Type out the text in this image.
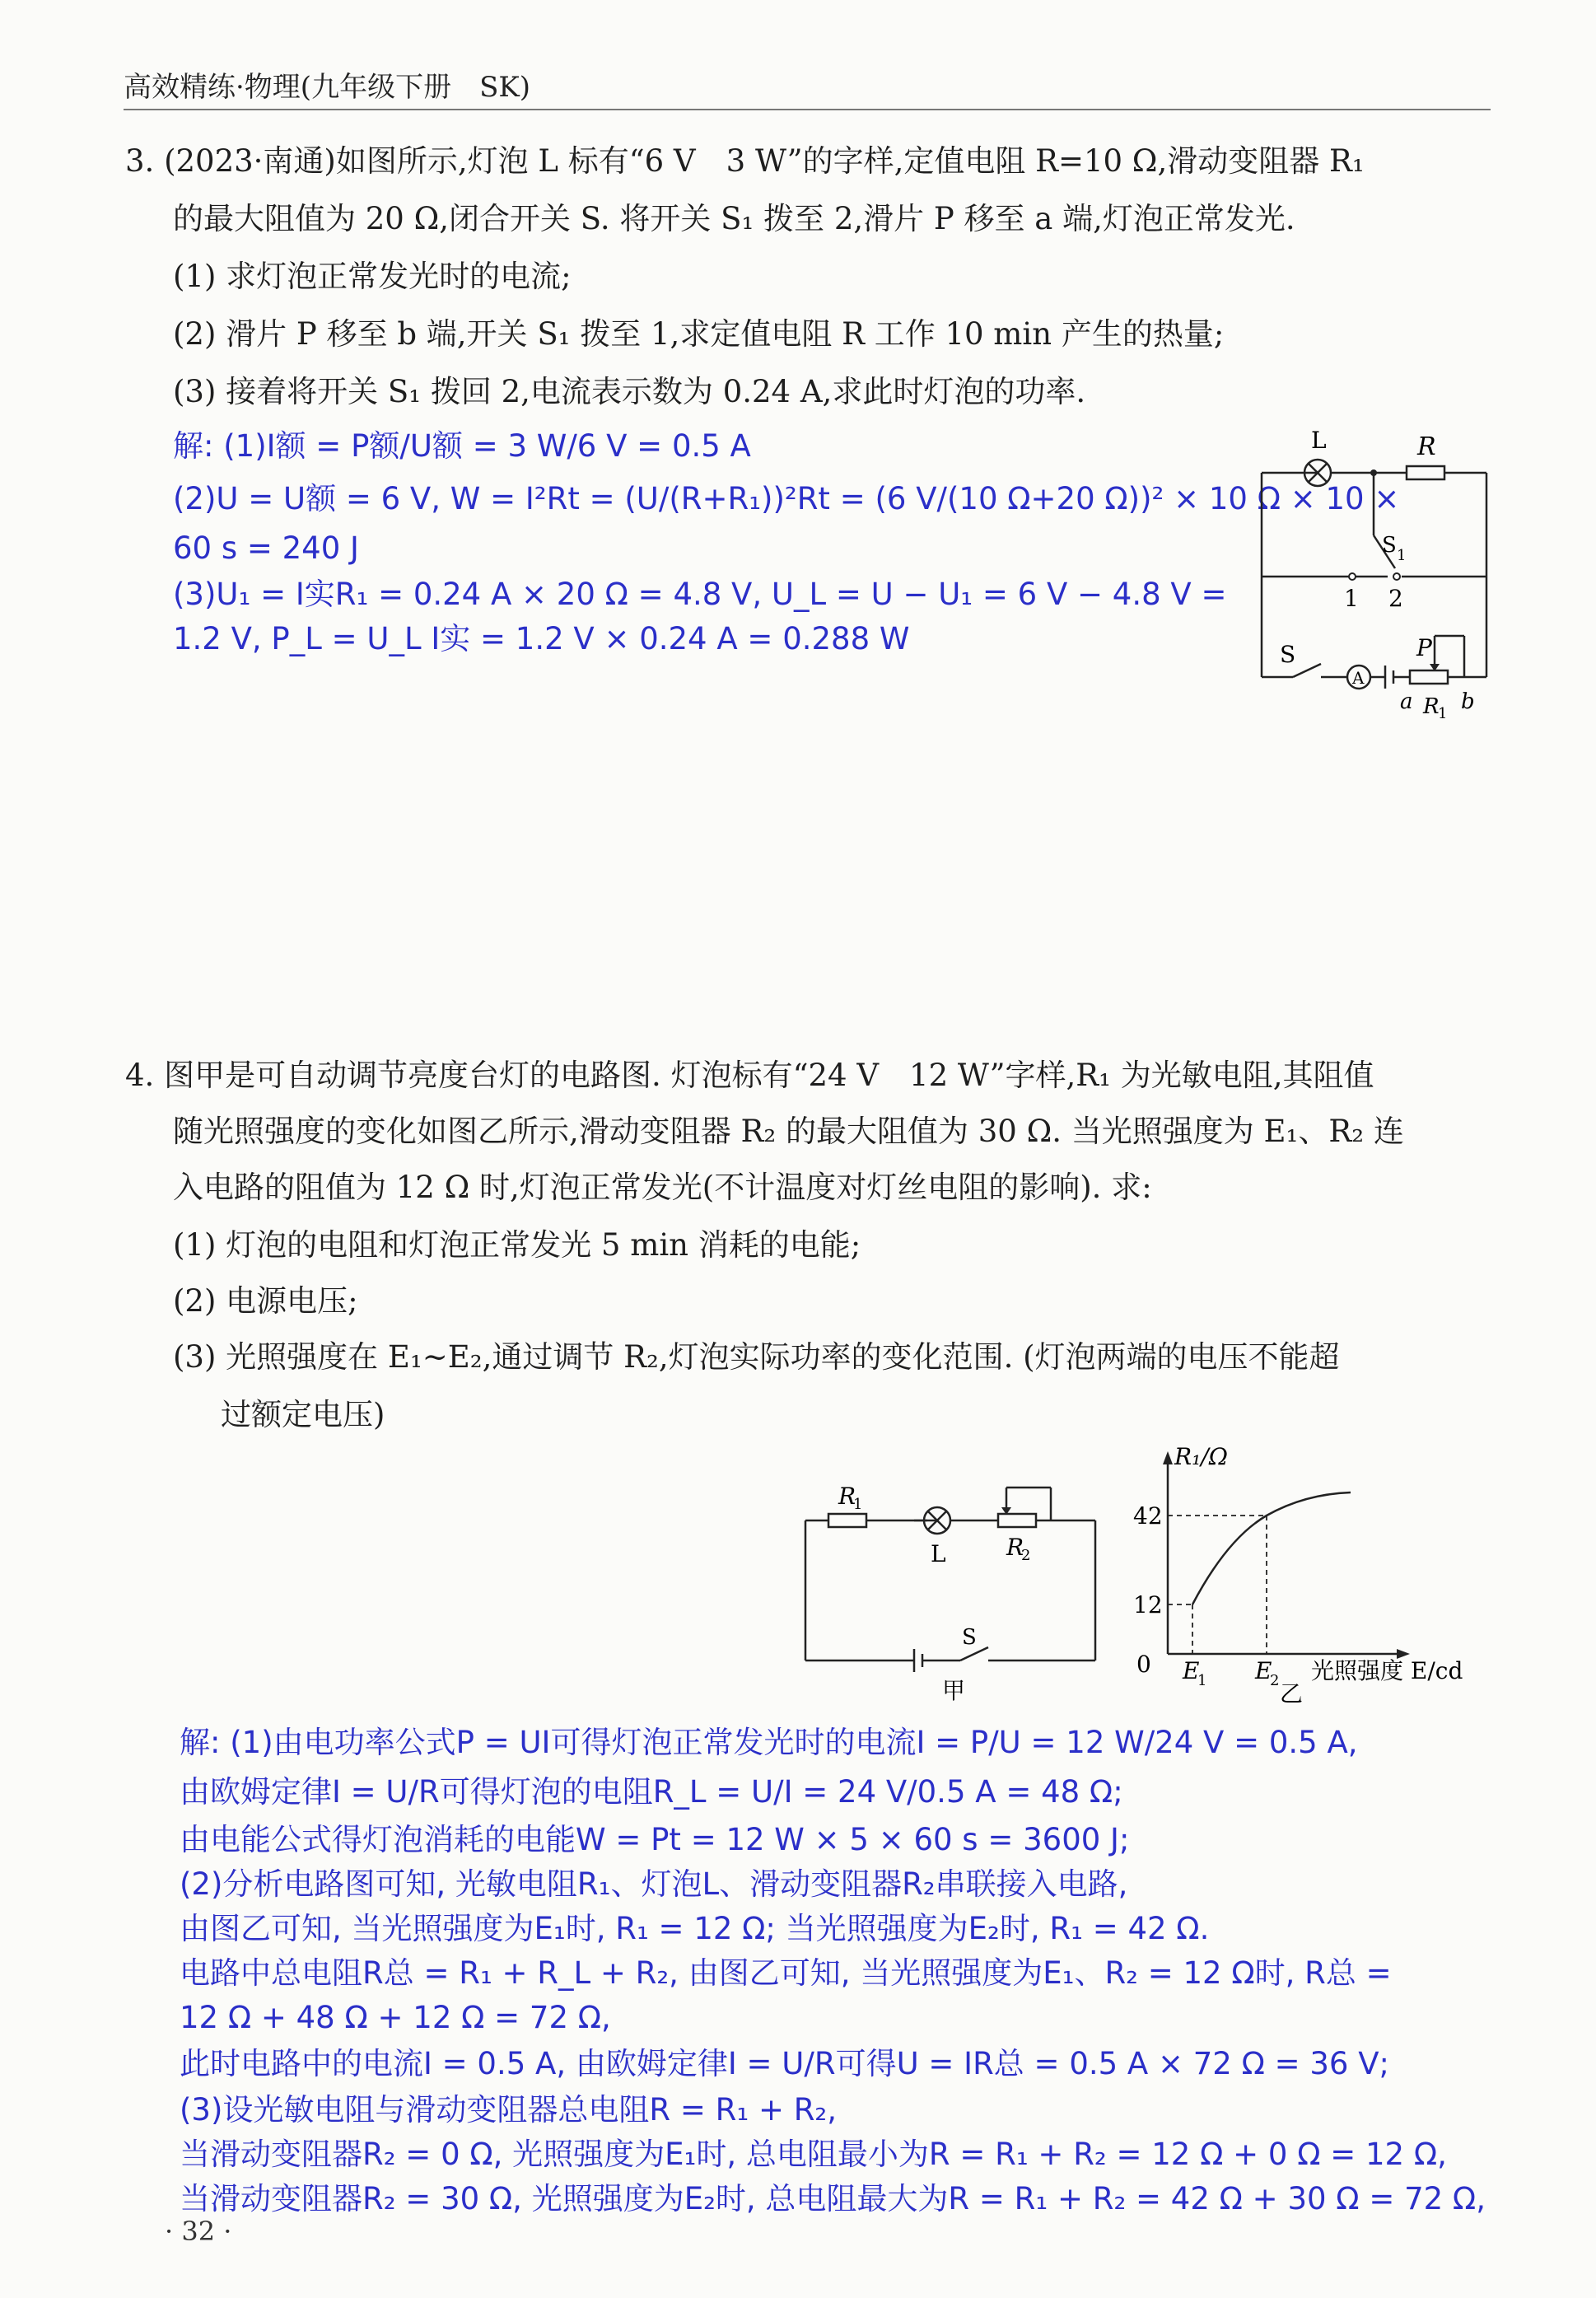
高效精练·物理(九年级下册　SK)
3. (2023·南通)如图所示,灯泡 L 标有“6 V　3 W”的字样,定值电阻 R=10 Ω,滑动变阻器 R₁
的最大阻值为 20 Ω,闭合开关 S. 将开关 S₁ 拨至 2,滑片 P 移至 a 端,灯泡正常发光.
(1) 求灯泡正常发光时的电流;
(2) 滑片 P 移至 b 端,开关 S₁ 拨至 1,求定值电阻 R 工作 10 min 产生的热量;
(3) 接着将开关 S₁ 拨回 2,电流表示数为 0.24 A,求此时灯泡的功率.
解: (1)I额 = P额/U额 = 3 W/6 V = 0.5 A
(2)U = U额 = 6 V, W = I²Rt = (U/(R+R₁))²Rt = (6 V/(10 Ω+20 Ω))² × 10 Ω × 10 ×
60 s = 240 J
(3)U₁ = I实R₁ = 0.24 A × 20 Ω = 4.8 V, U_L = U − U₁ = 6 V − 4.8 V =
1.2 V, P_L = U_L I实 = 1.2 V × 0.24 A = 0.288 W
L	R
S 1
1 2
S
A
P
a R
1 b
4. 图甲是可自动调节亮度台灯的电路图. 灯泡标有“24 V　12 W”字样,R₁ 为光敏电阻,其阻值
随光照强度的变化如图乙所示,滑动变阻器 R₂ 的最大阻值为 30 Ω. 当光照强度为 E₁、R₂ 连
入电路的阻值为 12 Ω 时,灯泡正常发光(不计温度对灯丝电阻的影响). 求:
(1) 灯泡的电阻和灯泡正常发光 5 min 消耗的电能;
(2) 电源电压;
(3) 光照强度在 E₁~E₂,通过调节 R₂,灯泡实际功率的变化范围. (灯泡两端的电压不能超
过额定电压)
R
1
L	R
2
S
甲
R₁/Ω
42
12
0 E
1 E
2 光照强度 E/cd
乙
解: (1)由电功率公式P = UI可得灯泡正常发光时的电流I = P/U = 12 W/24 V = 0.5 A,
由欧姆定律I = U/R可得灯泡的电阻R_L = U/I = 24 V/0.5 A = 48 Ω;
由电能公式得灯泡消耗的电能W = Pt = 12 W × 5 × 60 s = 3600 J;
(2)分析电路图可知, 光敏电阻R₁、灯泡L、滑动变阻器R₂串联接入电路,
由图乙可知, 当光照强度为E₁时, R₁ = 12 Ω; 当光照强度为E₂时, R₁ = 42 Ω.
电路中总电阻R总 = R₁ + R_L + R₂, 由图乙可知, 当光照强度为E₁、R₂ = 12 Ω时, R总 =
12 Ω + 48 Ω + 12 Ω = 72 Ω,
此时电路中的电流I = 0.5 A, 由欧姆定律I = U/R可得U = IR总 = 0.5 A × 72 Ω = 36 V;
(3)设光敏电阻与滑动变阻器总电阻R = R₁ + R₂,
当滑动变阻器R₂ = 0 Ω, 光照强度为E₁时, 总电阻最小为R = R₁ + R₂ = 12 Ω + 0 Ω = 12 Ω,
当滑动变阻器R₂ = 30 Ω, 光照强度为E₂时, 总电阻最大为R = R₁ + R₂ = 42 Ω + 30 Ω = 72 Ω,
· 32 ·
